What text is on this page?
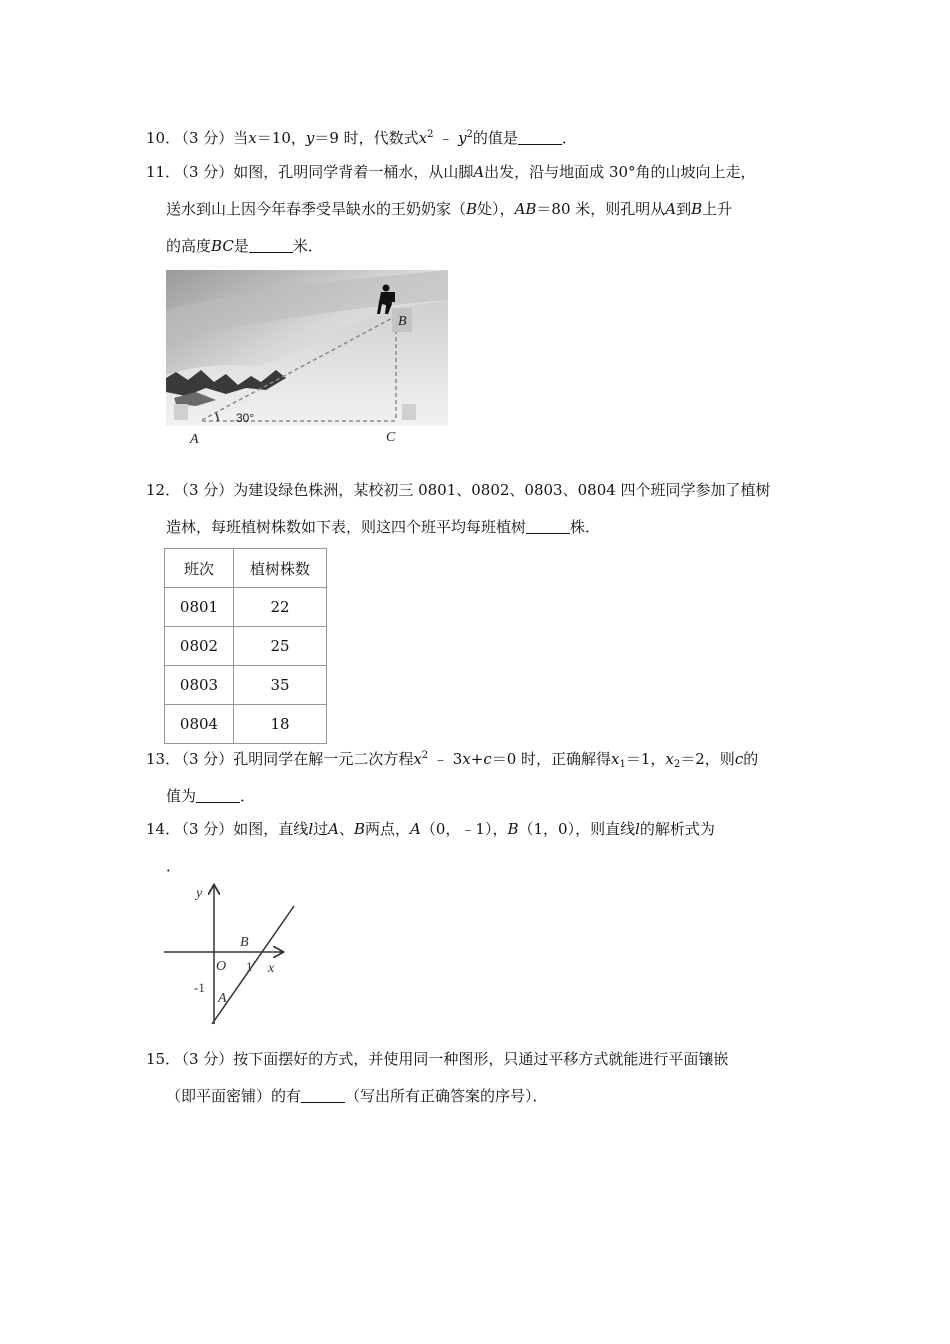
10．（3 分）当x＝10，y＝9 时，代数式$x^2$ ﹣ $y^2$的值是	．
11．（3 分）如图，孔明同学背着一桶水，从山脚A出发，沿与地面成 30°角的山坡向上走，
送水到山上因今年春季受旱缺水的王奶奶家（B处），AB＝80 米，则孔明从A到B上升
的高度BC是	米．
B
30°
A	C
12．（3 分）为建设绿色株洲，某校初三 0801、0802、0803、0804 四个班同学参加了植树
造林，每班植树株数如下表，则这四个班平均每班植树	株．
班次	植树株数
0801	22
0802	25
0803	35
0804	18
13．（3 分）孔明同学在解一元二次方程$x^2$ ﹣ 3x+c＝0 时，正确解得$x_1=1$，$x_2=2$，则c的
值为	．
14．（3 分）如图，直线l过A、B两点，A（0，﹣1），B（1，0），则直线l的解析式为
．
y
x
O
B
1
-1
A
15．（3 分）按下面摆好的方式，并使用同一种图形，只通过平移方式就能进行平面镶嵌
（即平面密铺）的有	（写出所有正确答案的序号）．
